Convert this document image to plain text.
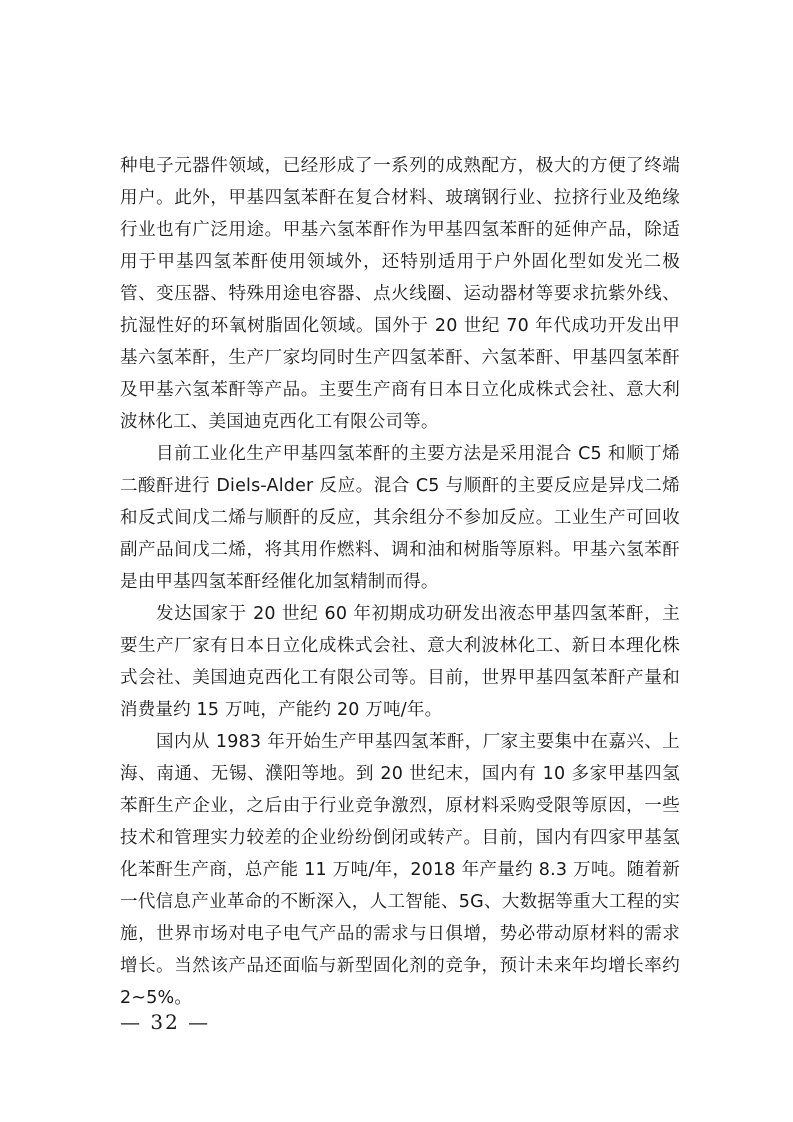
种电子元器件领域，已经形成了一系列的成熟配方，极大的方便了终端用户。此外，甲基四氢苯酐在复合材料、玻璃钢行业、拉挤行业及绝缘行业也有广泛用途。甲基六氢苯酐作为甲基四氢苯酐的延伸产品，除适用于甲基四氢苯酐使用领域外，还特别适用于户外固化型如发光二极管、变压器、特殊用途电容器、点火线圈、运动器材等要求抗紫外线、抗湿性好的环氧树脂固化领域。国外于 20 世纪 70 年代成功开发出甲基六氢苯酐，生产厂家均同时生产四氢苯酐、六氢苯酐、甲基四氢苯酐及甲基六氢苯酐等产品。主要生产商有日本日立化成株式会社、意大利波林化工、美国迪克西化工有限公司等。

目前工业化生产甲基四氢苯酐的主要方法是采用混合 C5 和顺丁烯二酸酐进行 Diels-Alder 反应。混合 C5 与顺酐的主要反应是异戊二烯和反式间戊二烯与顺酐的反应，其余组分不参加反应。工业生产可回收副产品间戊二烯，将其用作燃料、调和油和树脂等原料。甲基六氢苯酐是由甲基四氢苯酐经催化加氢精制而得。

发达国家于 20 世纪 60 年初期成功研发出液态甲基四氢苯酐，主要生产厂家有日本日立化成株式会社、意大利波林化工、新日本理化株式会社、美国迪克西化工有限公司等。目前，世界甲基四氢苯酐产量和消费量约 15 万吨，产能约 20 万吨/年。

国内从 1983 年开始生产甲基四氢苯酐，厂家主要集中在嘉兴、上海、南通、无锡、濮阳等地。到 20 世纪末，国内有 10 多家甲基四氢苯酐生产企业，之后由于行业竞争激烈，原材料采购受限等原因，一些技术和管理实力较差的企业纷纷倒闭或转产。目前，国内有四家甲基氢化苯酐生产商，总产能 11 万吨/年，2018 年产量约 8.3 万吨。随着新一代信息产业革命的不断深入，人工智能、5G、大数据等重大工程的实施，世界市场对电子电气产品的需求与日俱增，势必带动原材料的需求增长。当然该产品还面临与新型固化剂的竞争，预计未来年均增长率约 2~5%。

— 32 —
